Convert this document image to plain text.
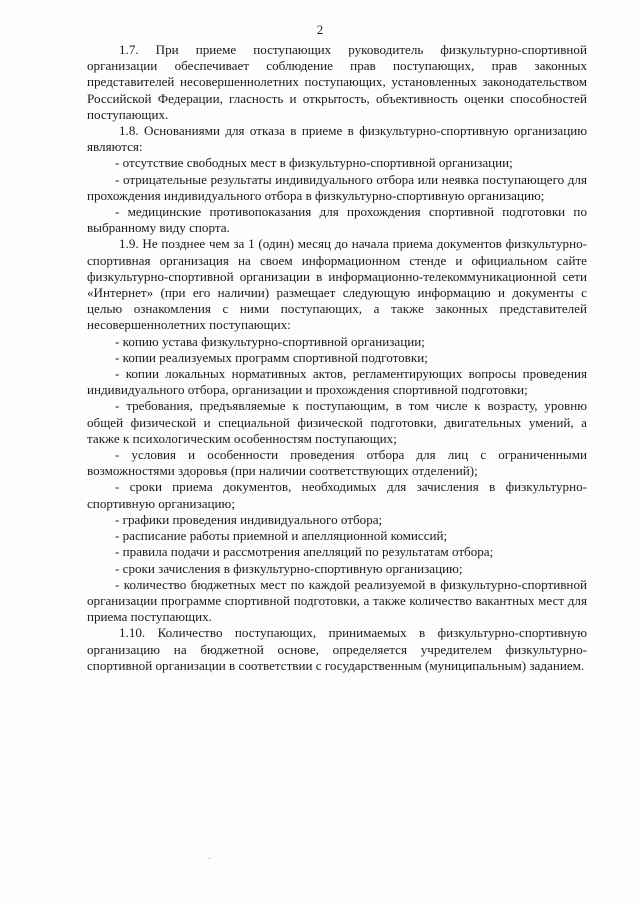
2

1.7. При приеме поступающих руководитель физкультурно-спортивной организации обеспечивает соблюдение прав поступающих, прав законных представителей несовершеннолетних поступающих, установленных законодательством Российской Федерации, гласность и открытость, объективность оценки способностей поступающих.

1.8. Основаниями для отказа в приеме в физкультурно-спортивную организацию являются:

- отсутствие свободных мест в физкультурно-спортивной организации;

- отрицательные результаты индивидуального отбора или неявка поступающего для прохождения индивидуального отбора в физкультурно-спортивную организацию;

- медицинские противопоказания для прохождения спортивной подготовки по выбранному виду спорта.

1.9. Не позднее чем за 1 (один) месяц до начала приема документов физкультурно-спортивная организация на своем информационном стенде и официальном сайте физкультурно-спортивной организации в информационно-телекоммуникационной сети «Интернет» (при его наличии) размещает следующую информацию и документы с целью ознакомления с ними поступающих, а также законных представителей несовершеннолетних поступающих:

- копию устава физкультурно-спортивной организации;

- копии реализуемых программ спортивной подготовки;

- копии локальных нормативных актов, регламентирующих вопросы проведения индивидуального отбора, организации и прохождения спортивной подготовки;

- требования, предъявляемые к поступающим, в том числе к возрасту, уровню общей физической и специальной физической подготовки, двигательных умений, а также к психологическим особенностям поступающих;

- условия и особенности проведения отбора для лиц с ограниченными возможностями здоровья (при наличии соответствующих отделений);

- сроки приема документов, необходимых для зачисления в физкультурно-спортивную организацию;

- графики проведения индивидуального отбора;

- расписание работы приемной и апелляционной комиссий;

- правила подачи и рассмотрения апелляций по результатам отбора;

- сроки зачисления в физкультурно-спортивную организацию;

- количество бюджетных мест по каждой реализуемой в физкультурно-спортивной организации программе спортивной подготовки, а также количество вакантных мест для приема поступающих.

1.10. Количество поступающих, принимаемых в физкультурно-спортивную организацию на бюджетной основе, определяется учредителем физкультурно-спортивной организации в соответствии с государственным (муниципальным) заданием.
